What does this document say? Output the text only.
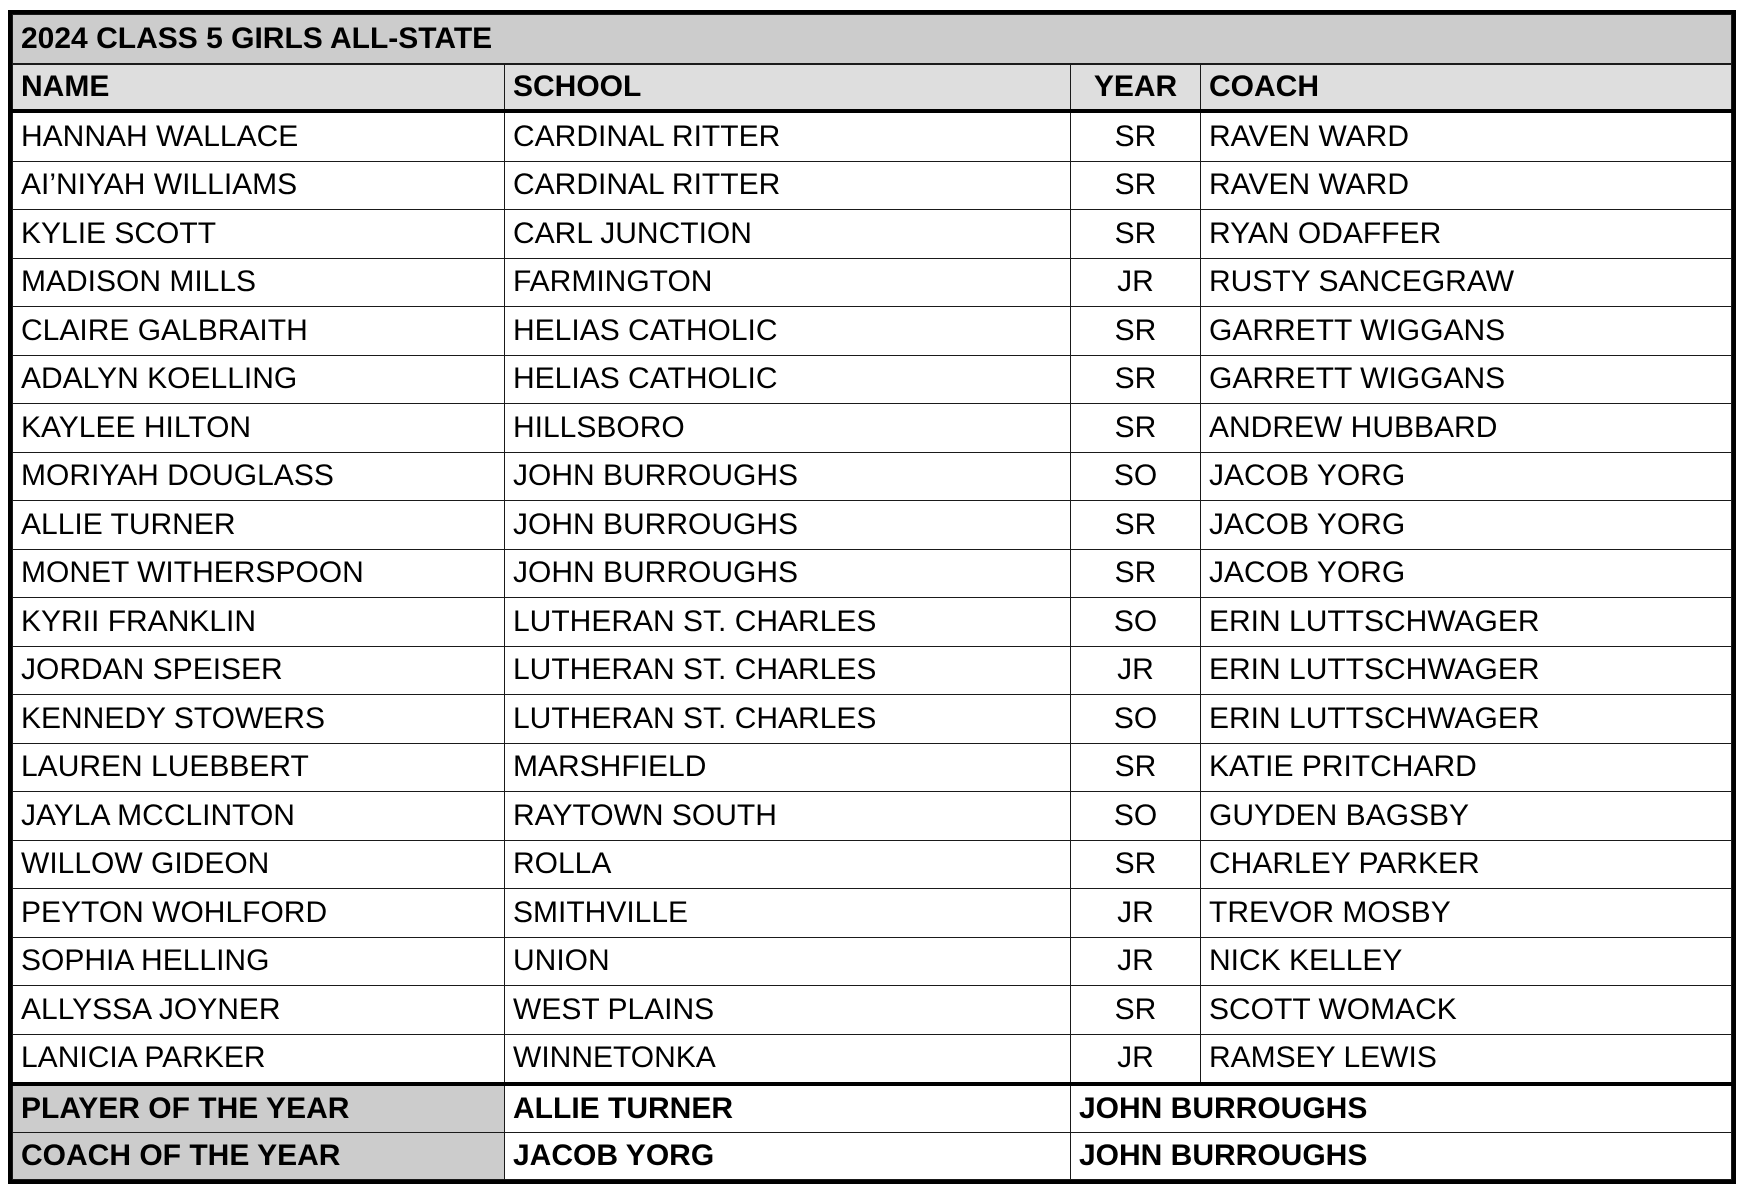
2024 CLASS 5 GIRLS ALL-STATE			
NAME	SCHOOL	YEAR	COACH
HANNAH WALLACE	CARDINAL RITTER	SR	RAVEN WARD
AI’NIYAH WILLIAMS	CARDINAL RITTER	SR	RAVEN WARD
KYLIE SCOTT	CARL JUNCTION	SR	RYAN ODAFFER
MADISON MILLS	FARMINGTON	JR	RUSTY SANCEGRAW
CLAIRE GALBRAITH	HELIAS CATHOLIC	SR	GARRETT WIGGANS
ADALYN KOELLING	HELIAS CATHOLIC	SR	GARRETT WIGGANS
KAYLEE HILTON	HILLSBORO	SR	ANDREW HUBBARD
MORIYAH DOUGLASS	JOHN BURROUGHS	SO	JACOB YORG
ALLIE TURNER	JOHN BURROUGHS	SR	JACOB YORG
MONET WITHERSPOON	JOHN BURROUGHS	SR	JACOB YORG
KYRII FRANKLIN	LUTHERAN ST. CHARLES	SO	ERIN LUTTSCHWAGER
JORDAN SPEISER	LUTHERAN ST. CHARLES	JR	ERIN LUTTSCHWAGER
KENNEDY STOWERS	LUTHERAN ST. CHARLES	SO	ERIN LUTTSCHWAGER
LAUREN LUEBBERT	MARSHFIELD	SR	KATIE PRITCHARD
JAYLA MCCLINTON	RAYTOWN SOUTH	SO	GUYDEN BAGSBY
WILLOW GIDEON	ROLLA	SR	CHARLEY PARKER
PEYTON WOHLFORD	SMITHVILLE	JR	TREVOR MOSBY
SOPHIA HELLING	UNION	JR	NICK KELLEY
ALLYSSA JOYNER	WEST PLAINS	SR	SCOTT WOMACK
LANICIA PARKER	WINNETONKA	JR	RAMSEY LEWIS
PLAYER OF THE YEAR	ALLIE TURNER	JOHN BURROUGHS	
COACH OF THE YEAR	JACOB YORG	JOHN BURROUGHS	
